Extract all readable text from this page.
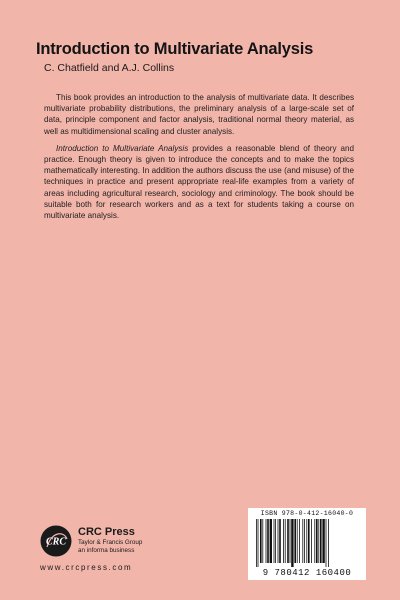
Introduction to Multivariate Analysis

C. Chatfield and A.J. Collins

This book provides an introduction to the analysis of multivariate data. It describes multivariate probability distributions, the preliminary analysis of a large-scale set of data, principle component and factor analysis, traditional normal theory material, as well as multidimensional scaling and cluster analysis.

Introduction to Multivariate Analysis provides a reasonable blend of theory and practice. Enough theory is given to introduce the concepts and to make the topics mathematically interesting. In addition the authors discuss the use (and misuse) of the techniques in practice and present appropriate real-life examples from a variety of areas including agricultural research, sociology and criminology. The book should be suitable both for research workers and as a text for students taking a course on multivariate analysis.

CRC

CRC Press

Taylor & Francis Group

an informa business

www.crcpress.com

ISBN 978-0-412-16040-0

9 780412 160400
